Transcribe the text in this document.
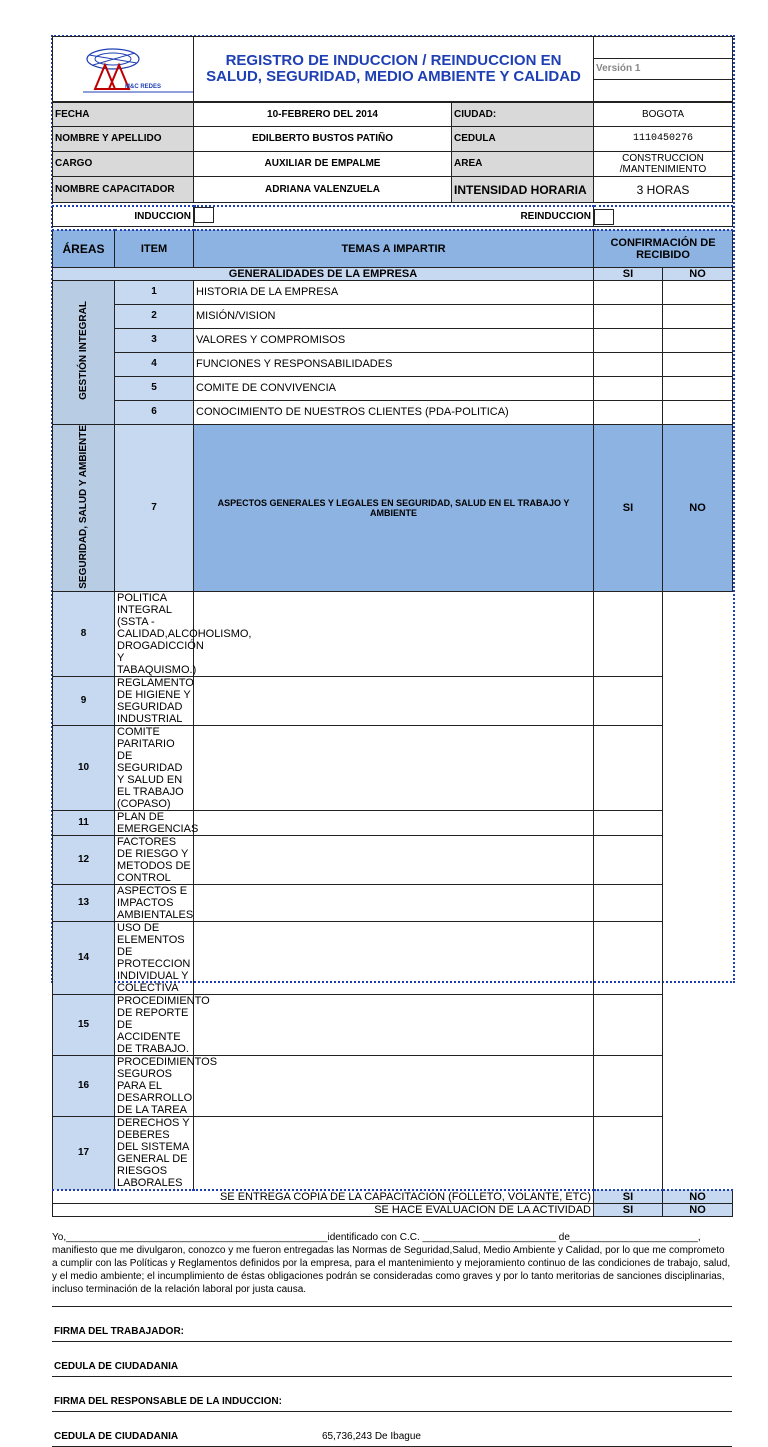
M&C REDES
	REGISTRO DE INDUCCION / REINDUCCION EN SALUD, SEGURIDAD, MEDIO AMBIENTE Y CALIDAD	
Versión 1

FECHA	10-FEBRERO DEL 2014	CIUDAD:	BOGOTA
NOMBRE Y APELLIDO	EDILBERTO BUSTOS PATIÑO	CEDULA	1110450276
CARGO	AUXILIAR DE EMPALME	AREA	CONSTRUCCION /MANTENIMIENTO
NOMBRE CAPACITADOR	ADRIANA VALENZUELA	INTENSIDAD HORARIA	3 HORAS
INDUCCION	REINDUCCION

ÁREAS	ITEM	TEMAS A IMPARTIR	CONFIRMACIÓN DE RECIBIDO	
GENERALIDADES DE LA EMPRESA			SI	NO
GESTIÓN INTEGRAL	1	HISTORIA DE LA EMPRESA		
	2	MISIÓN/VISION		
	3	VALORES Y COMPROMISOS		
	4	FUNCIONES Y RESPONSABILIDADES		
	5	COMITE DE CONVIVENCIA		
	6	CONOCIMIENTO DE NUESTROS CLIENTES (PDA-POLITICA)		
SEGURIDAD, SALUD Y AMBIENTE	7	ASPECTOS GENERALES Y LEGALES EN SEGURIDAD, SALUD EN EL TRABAJO Y AMBIENTE	SI	NO
8	POLITICA INTEGRAL (SSTA - CALIDAD,ALCOHOLISMO, DROGADICCIÓN Y TABAQUISMO.)			
9	REGLAMENTO DE HIGIENE Y SEGURIDAD INDUSTRIAL			
10	COMITE PARITARIO DE SEGURIDAD Y SALUD EN EL TRABAJO (COPASO)			
11	PLAN DE EMERGENCIAS			
12	FACTORES DE RIESGO Y METODOS DE CONTROL			
13	ASPECTOS E IMPACTOS AMBIENTALES			
14	USO DE ELEMENTOS DE PROTECCION INDIVIDUAL Y COLECTIVA			
15	PROCEDIMIENTO DE REPORTE DE ACCIDENTE DE TRABAJO.			
16	PROCEDIMIENTOS SEGUROS PARA EL DESARROLLO DE LA TAREA			
17	DERECHOS Y DEBERES DEL SISTEMA GENERAL DE RIESGOS LABORALES			
SE ENTREGA COPIA DE LA CAPACITACION (FOLLETO, VOLANTE, ETC)			SI	NO
SE HACE EVALUACION DE LA ACTIVIDAD			SI	NO
Yo,_______________________________________________identificado con C.C. ________________________ de_______________________, manifiesto que me divulgaron, conozco y me fueron entregadas las Normas de Seguridad,Salud, Medio Ambiente y Calidad, por lo que me comprometo a cumplir con las Políticas y Reglamentos definidos por la empresa, para el mantenimiento y mejoramiento continuo de las condiciones de trabajo, salud, y el medio ambiente; el incumplimiento de éstas obligaciones podrán se consideradas como graves y por lo tanto meritorias de sanciones disciplinarias, incluso terminación de la relación laboral por justa causa.
FIRMA DEL TRABAJADOR:
CEDULA DE CIUDADANIA
FIRMA DEL RESPONSABLE DE LA INDUCCION:
CEDULA DE CIUDADANIA	65,736,243 De Ibague
